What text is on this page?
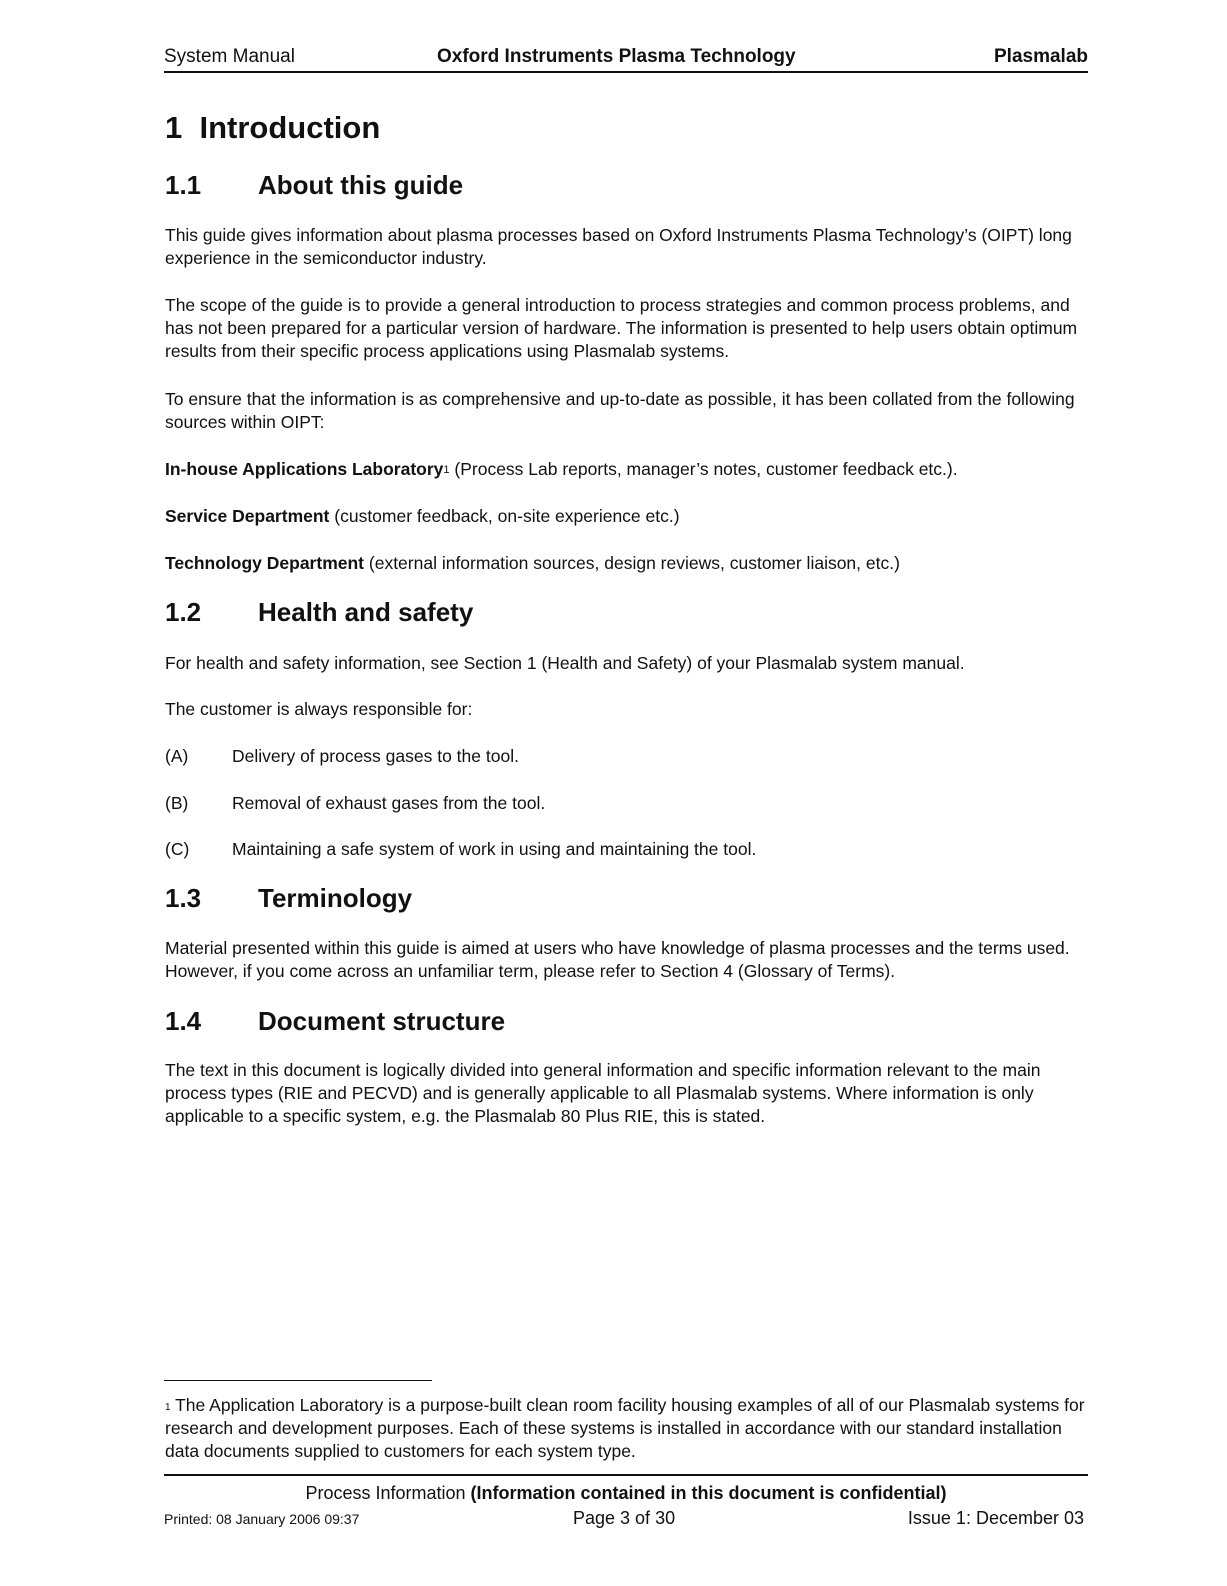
System Manual	Oxford Instruments Plasma Technology	Plasmalab
1 Introduction
1.1 About this guide

This guide gives information about plasma processes based on Oxford Instruments Plasma Technology’s (OIPT) long experience in the semiconductor industry.

The scope of the guide is to provide a general introduction to process strategies and common process problems, and has not been prepared for a particular version of hardware. The information is presented to help users obtain optimum results from their specific process applications using Plasmalab systems.

To ensure that the information is as comprehensive and up-to-date as possible, it has been collated from the following sources within OIPT:

In-house Applications Laboratory$^1$ (Process Lab reports, manager’s notes, customer feedback etc.).

Service Department (customer feedback, on-site experience etc.)

Technology Department (external information sources, design reviews, customer liaison, etc.)

1.2 Health and safety

For health and safety information, see Section 1 (Health and Safety) of your Plasmalab system manual.

The customer is always responsible for:

(A) Delivery of process gases to the tool.
(B) Removal of exhaust gases from the tool.
(C) Maintaining a safe system of work in using and maintaining the tool.
1.3 Terminology

Material presented within this guide is aimed at users who have knowledge of plasma processes and the terms used. However, if you come across an unfamiliar term, please refer to Section 4 (Glossary of Terms).

1.4 Document structure

The text in this document is logically divided into general information and specific information relevant to the main process types (RIE and PECVD) and is generally applicable to all Plasmalab systems. Where information is only applicable to a specific system, e.g. the Plasmalab 80 Plus RIE, this is stated.

$^1$ The Application Laboratory is a purpose-built clean room facility housing examples of all of our Plasmalab systems for research and development purposes. Each of these systems is installed in accordance with our standard installation data documents supplied to customers for each system type.

Process Information (Information contained in this document is confidential)
Printed: 08 January 2006 09:37	Page 3 of 30	Issue 1: December 03
